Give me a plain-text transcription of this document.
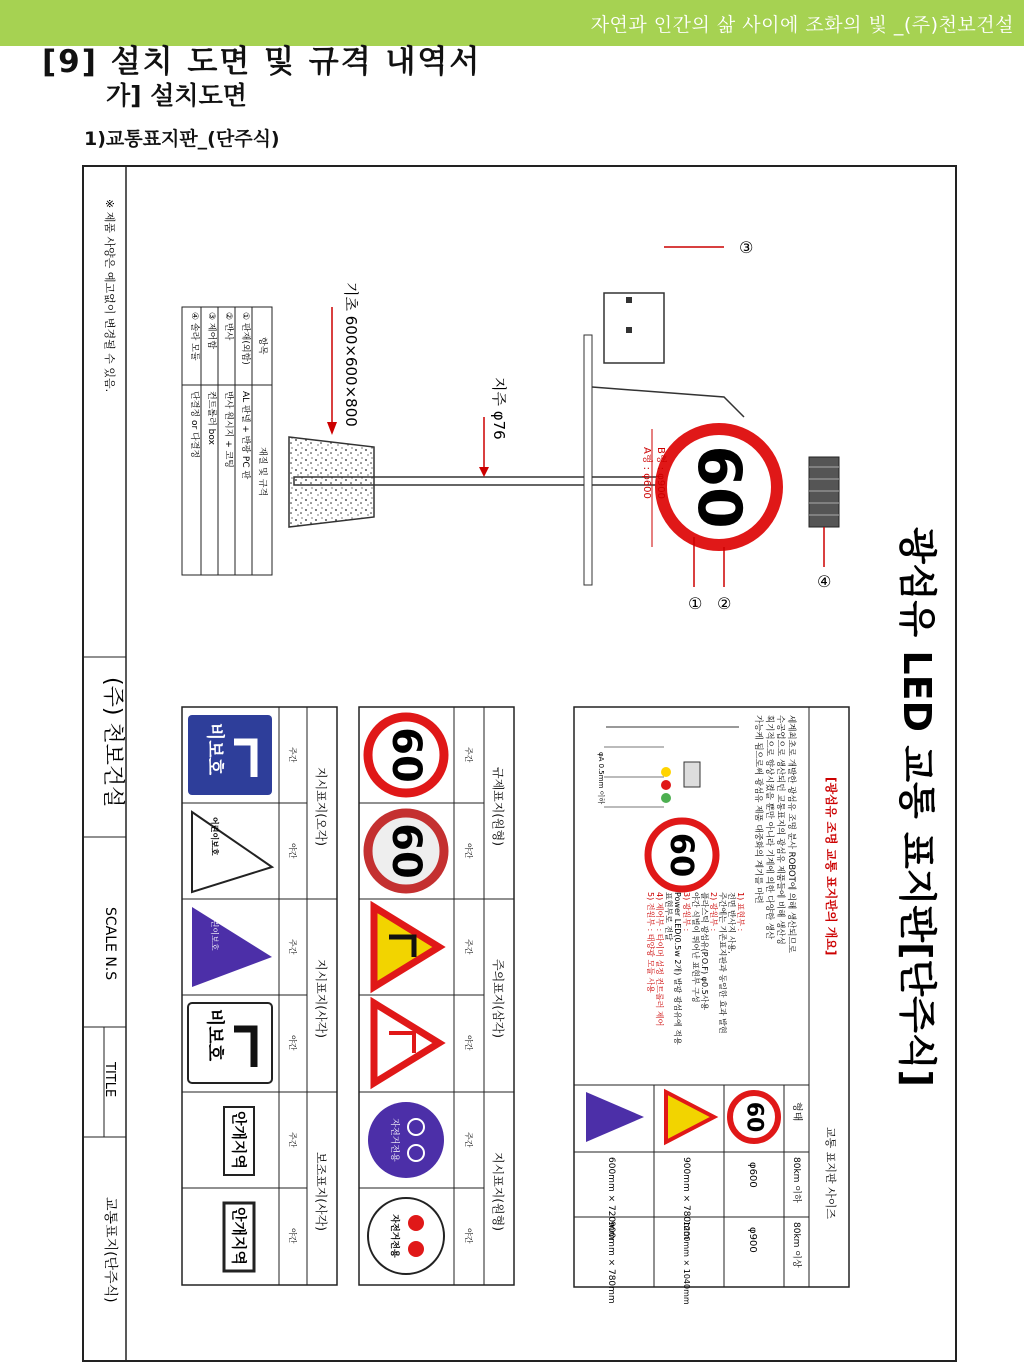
자연과 인간의 삶 사이에 조화의 빛 _(주)천보건설
[9] 설치 도면 및 규격 내역서
가] 설치도면
1)교통표지판_(단주식)
※ 제품 사양은 예고없이 변경될 수 있음.
(주) 천보건설
SCALE N.S
TITLE
교통표지(단주식)
광섬유 LED 교통 표지판[단주식]
기초 600×600×800	지주 φ76
③
④
60
A형 : φ600 B형 : φ900
① ②
항목
재질 및 규격
① 판재(외함)
AL 판넬 + 반광 PC 판
② 반사
반사 원시지 + 코팅
③ 제어함
컨트롤러 box
④ 솔라 모듈
단결정 or 다결정
[광섬유 조명 교통 표지판의 개요]
세계최초로 개발한 광섬유 조명 분사 ROBOT에 의해 생산되므로
수공업으로 생산되던 교통표지의 광섬유 제품들에 비해 생산성
획기적으로 향상시켰을 뿐만 아니라 기계에 의한 다양한 생산
가능케 됨으로써 광섬유 제품 대중화의 계기를 마련
φA 0.5mm 이하
60
1) 표현부 :
전면 반사지 사용,
주간에는 기존표지판과 동일한 효과 발현
2) 광원부 :
플라스틱 광섬유(P.O.F) φ0.5사용
야간 식별이 뛰어난 표현부 구성
3) 광원부 :
Power LED(0.5w 2개) 발광 광섬유에 적용
표현부로 전달
4) 제어부 : 타이머 설정 컨트롤러 제어
5) 전원부 : 태양광 모듈 사용
교통 표지판 사이즈
형태
80km 이하
80km 이상
60
φ600
φ900
900mm × 780mm
1200mm × 1040mm
600mm × 720mm
900mm × 780mm
규제표지(원형)
주의표지(삼각)
지시표지(원형)
주간
야간
주간
야간
주간
야간
60
60
자전거전용
자전거전용
지시표지(오각)
지시표지(사각)
보조표지(사각)
주간
야간
주간
야간
주간
야간
비보호
어린이보호
어린이보호
비보호
안개지역
안개지역
